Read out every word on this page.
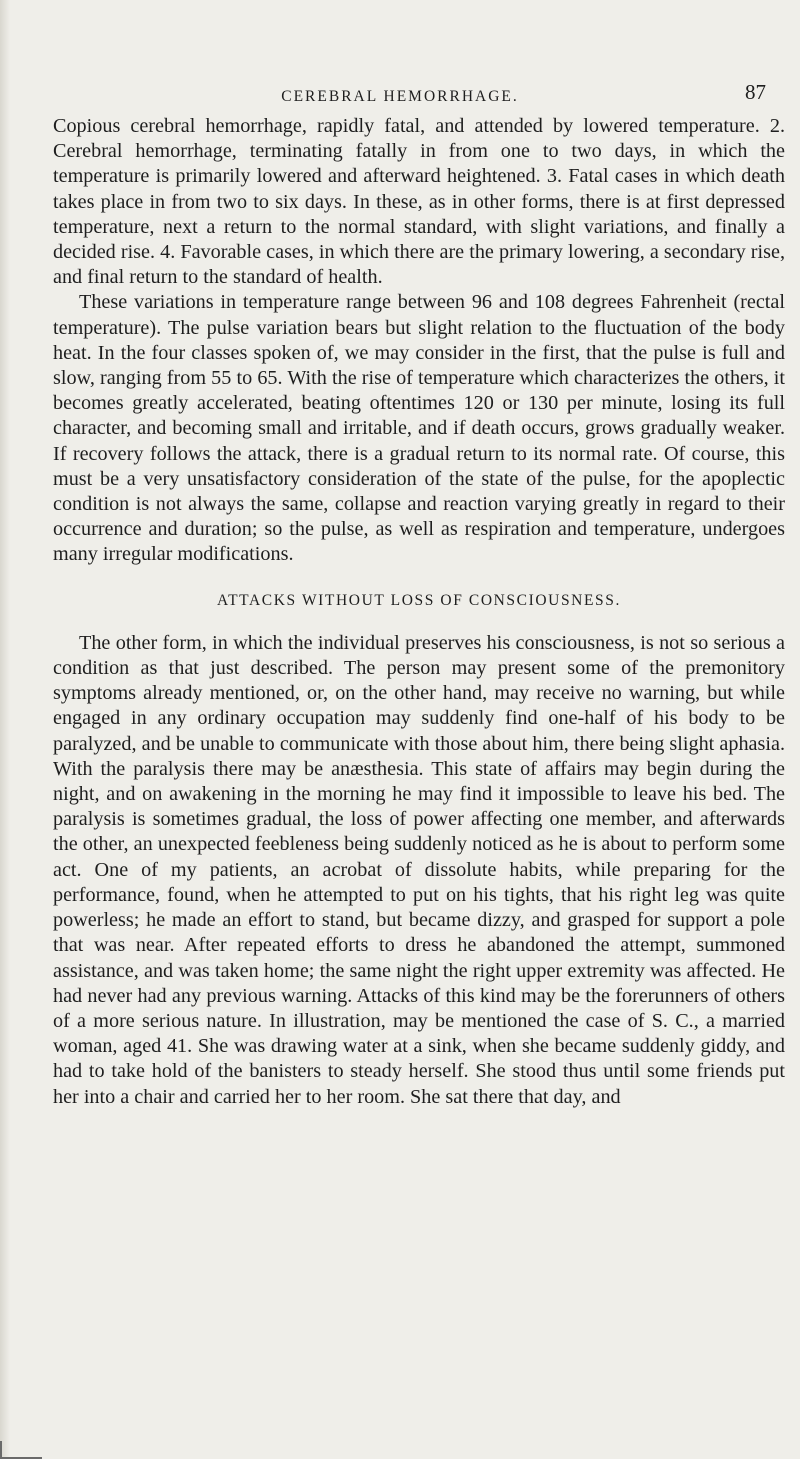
CEREBRAL HEMORRHAGE.	87

Copious cerebral hemorrhage, rapidly fatal, and attended by lowered temperature. 2. Cerebral hemorrhage, terminating fatally in from one to two days, in which the temperature is primarily lowered and afterward heightened. 3. Fatal cases in which death takes place in from two to six days. In these, as in other forms, there is at first depressed temperature, next a return to the normal standard, with slight variations, and finally a decided rise. 4. Favorable cases, in which there are the primary lowering, a secondary rise, and final return to the standard of health.

These variations in temperature range between 96 and 108 degrees Fahrenheit (rectal temperature). The pulse variation bears but slight relation to the fluctuation of the body heat. In the four classes spoken of, we may consider in the first, that the pulse is full and slow, ranging from 55 to 65. With the rise of temperature which characterizes the others, it becomes greatly accelerated, beating oftentimes 120 or 130 per minute, losing its full character, and becoming small and irritable, and if death occurs, grows gradually weaker. If recovery follows the attack, there is a gradual return to its normal rate. Of course, this must be a very unsatisfactory consideration of the state of the pulse, for the apoplectic condition is not always the same, collapse and reaction varying greatly in regard to their occurrence and duration; so the pulse, as well as respiration and temperature, undergoes many irregular modifications.

ATTACKS WITHOUT LOSS OF CONSCIOUSNESS.

The other form, in which the individual preserves his consciousness, is not so serious a condition as that just described. The person may present some of the premonitory symptoms already mentioned, or, on the other hand, may receive no warning, but while engaged in any ordinary occupation may suddenly find one-half of his body to be paralyzed, and be unable to communicate with those about him, there being slight aphasia. With the paralysis there may be anæsthesia. This state of affairs may begin during the night, and on awakening in the morning he may find it impossible to leave his bed. The paralysis is sometimes gradual, the loss of power affecting one member, and afterwards the other, an unexpected feebleness being suddenly noticed as he is about to perform some act. One of my patients, an acrobat of dissolute habits, while preparing for the performance, found, when he attempted to put on his tights, that his right leg was quite powerless; he made an effort to stand, but became dizzy, and grasped for support a pole that was near. After repeated efforts to dress he abandoned the attempt, summoned assistance, and was taken home; the same night the right upper extremity was affected. He had never had any previous warning. Attacks of this kind may be the forerunners of others of a more serious nature. In illustration, may be mentioned the case of S. C., a married woman, aged 41. She was drawing water at a sink, when she became suddenly giddy, and had to take hold of the banisters to steady herself. She stood thus until some friends put her into a chair and carried her to her room. She sat there that day, and
